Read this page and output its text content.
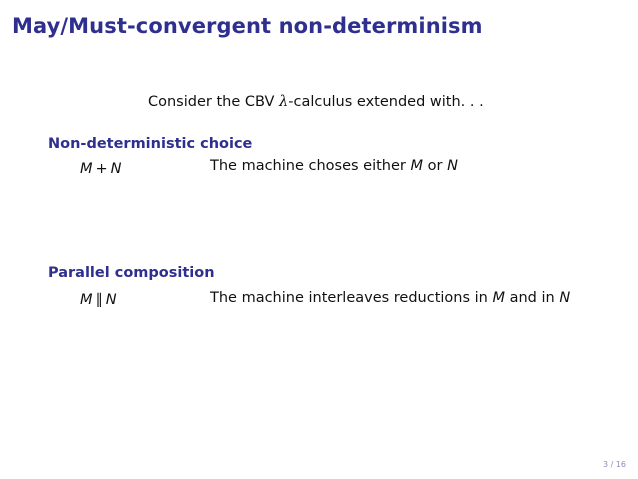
May/Must-convergent non-determinism
Consider the CBV λ-calculus extended with. . .
Non-deterministic choice
M + N	The machine choses either M or N
Parallel composition
M ∥ N	The machine interleaves reductions in M and in N
3 / 16
